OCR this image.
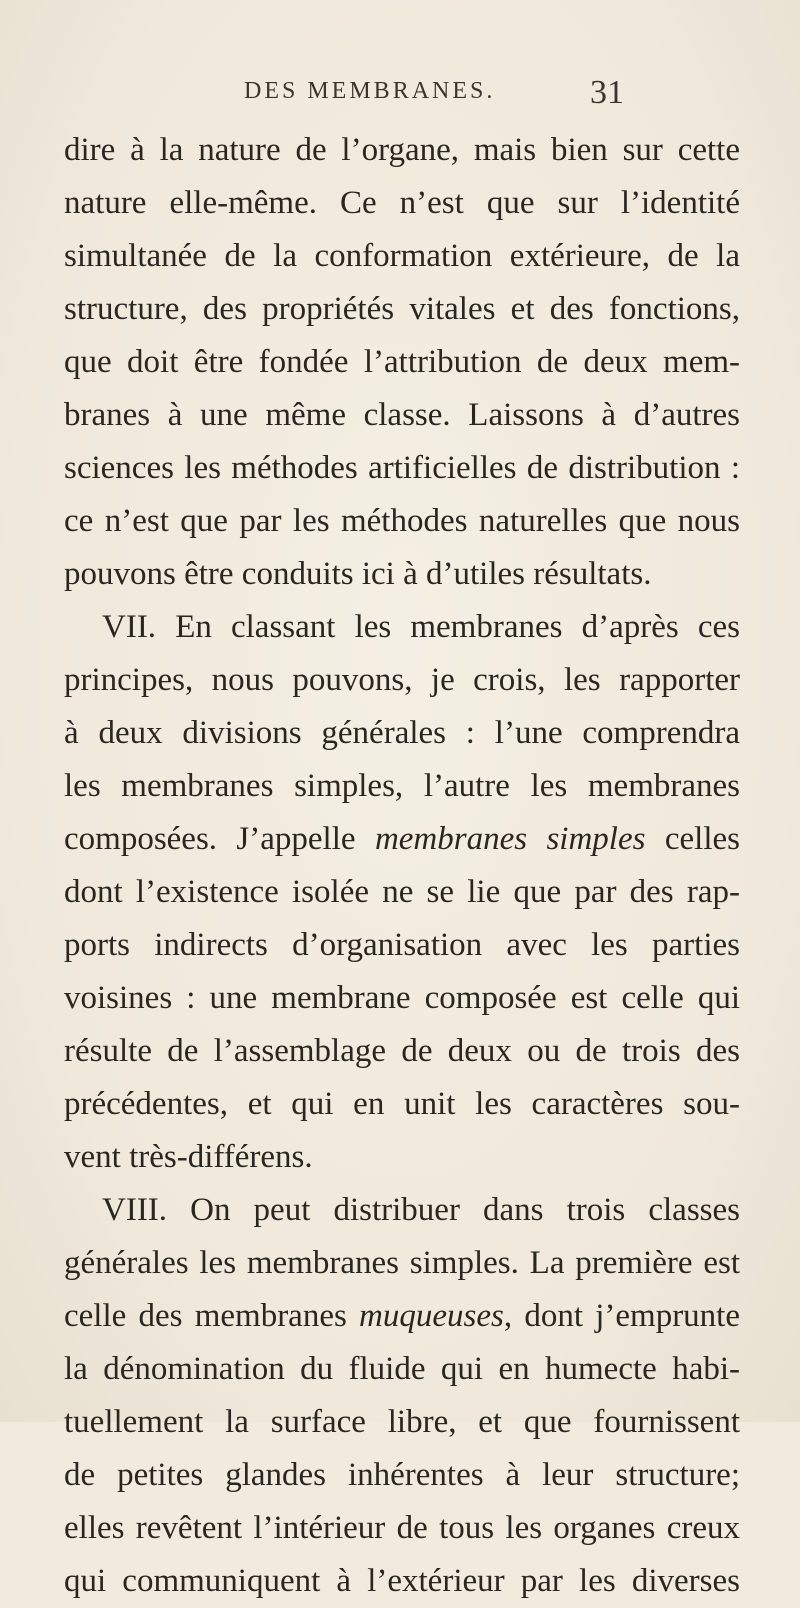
DES MEMBRANES.	31
dire à la nature de l’organe, mais bien sur cette
nature elle-même. Ce n’est que sur l’identité
simultanée de la conformation extérieure, de la
structure, des propriétés vitales et des fonctions,
que doit être fondée l’attribution de deux mem-
branes à une même classe. Laissons à d’autres
sciences les méthodes artificielles de distribution :
ce n’est que par les méthodes naturelles que nous
pouvons être conduits ici à d’utiles résultats.
VII. En classant les membranes d’après ces
principes, nous pouvons, je crois, les rapporter
à deux divisions générales : l’une comprendra
les membranes simples, l’autre les membranes
composées. J’appelle membranes simples celles
dont l’existence isolée ne se lie que par des rap-
ports indirects d’organisation avec les parties
voisines : une membrane composée est celle qui
résulte de l’assemblage de deux ou de trois des
précédentes, et qui en unit les caractères sou-
vent très-différens.
VIII. On peut distribuer dans trois classes
générales les membranes simples. La première est
celle des membranes muqueuses, dont j’emprunte
la dénomination du fluide qui en humecte habi-
tuellement la surface libre, et que fournissent
de petites glandes inhérentes à leur structure;
elles revêtent l’intérieur de tous les organes creux
qui communiquent à l’extérieur par les diverses
